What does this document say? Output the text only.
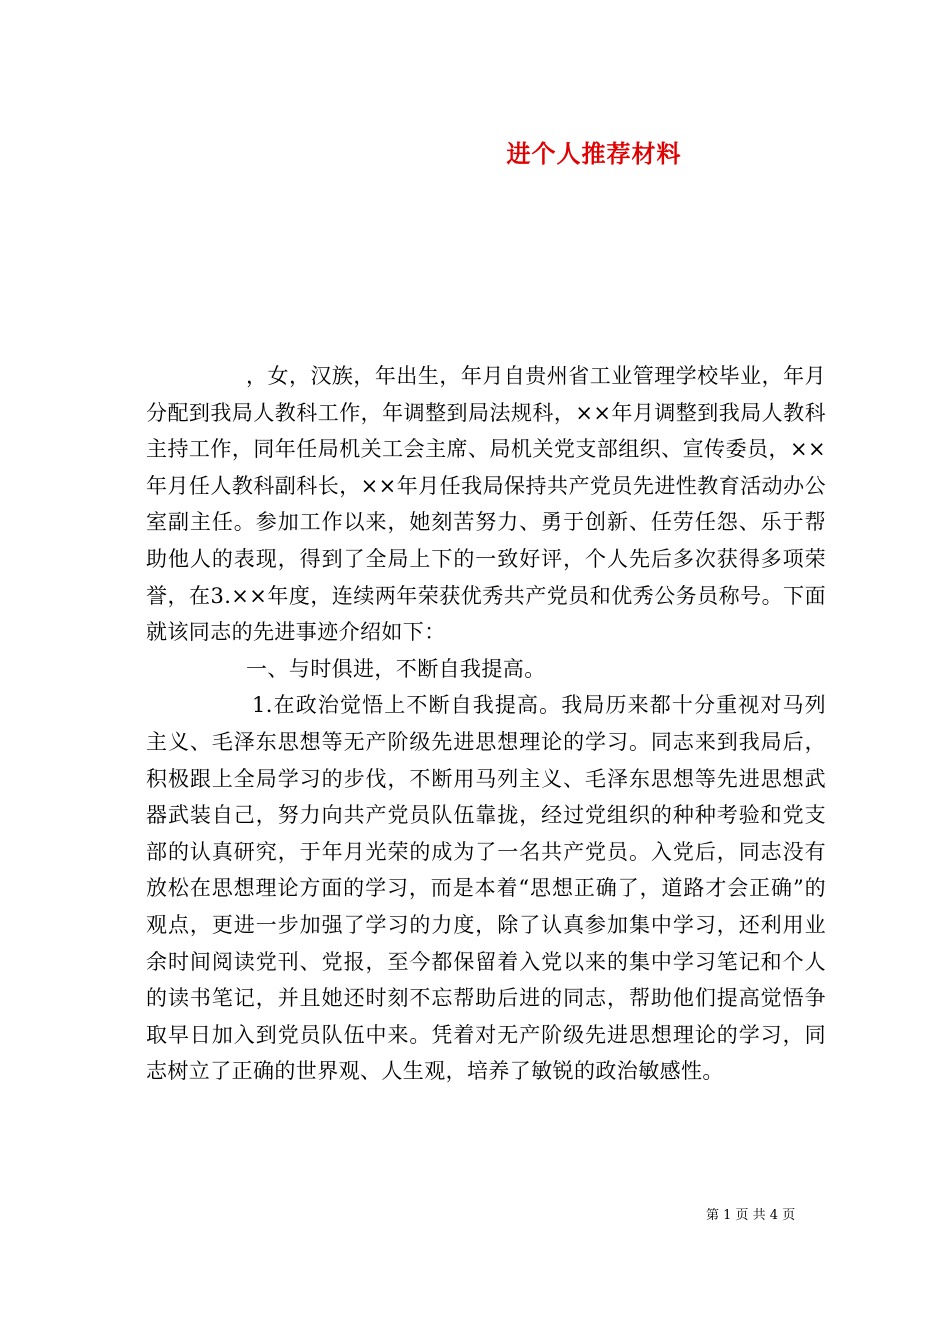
进个人推荐材料

，女，汉族，年出生，年月自贵州省工业管理学校毕业，年月分配到我局人教科工作，年调整到局法规科，××年月调整到我局人教科主持工作，同年任局机关工会主席、局机关党支部组织、宣传委员，××年月任人教科副科长，××年月任我局保持共产党员先进性教育活动办公室副主任。参加工作以来，她刻苦努力、勇于创新、任劳任怨、乐于帮助他人的表现，得到了全局上下的一致好评，个人先后多次获得多项荣誉，在3.××年度，连续两年荣获优秀共产党员和优秀公务员称号。下面就该同志的先进事迹介绍如下：

一、与时俱进，不断自我提高。

1.在政治觉悟上不断自我提高。我局历来都十分重视对马列主义、毛泽东思想等无产阶级先进思想理论的学习。同志来到我局后，积极跟上全局学习的步伐，不断用马列主义、毛泽东思想等先进思想武器武装自己，努力向共产党员队伍靠拢，经过党组织的种种考验和党支部的认真研究，于年月光荣的成为了一名共产党员。入党后，同志没有放松在思想理论方面的学习，而是本着“思想正确了，道路才会正确”的观点，更进一步加强了学习的力度，除了认真参加集中学习，还利用业余时间阅读党刊、党报，至今都保留着入党以来的集中学习笔记和个人的读书笔记，并且她还时刻不忘帮助后进的同志，帮助他们提高觉悟争取早日加入到党员队伍中来。凭着对无产阶级先进思想理论的学习，同志树立了正确的世界观、人生观，培养了敏锐的政治敏感性。

第 1 页 共 4 页
